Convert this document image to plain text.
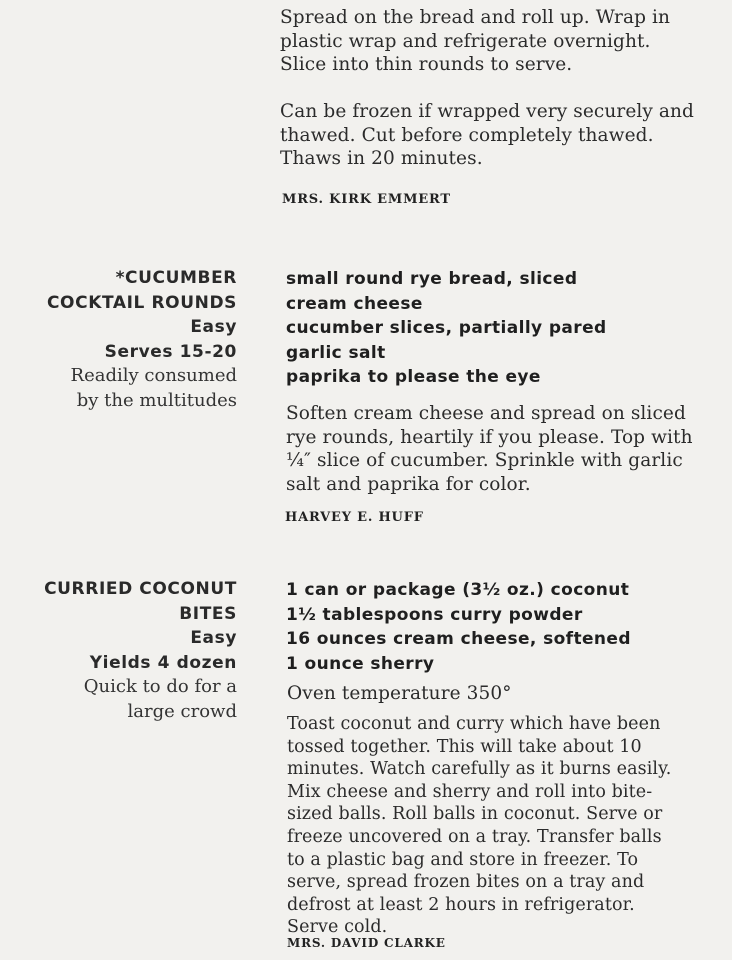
Spread on the bread and roll up. Wrap in
plastic wrap and refrigerate overnight.
Slice into thin rounds to serve.

Can be frozen if wrapped very securely and
thawed. Cut before completely thawed.
Thaws in 20 minutes.

MRS. KIRK EMMERT
*CUCUMBER
COCKTAIL ROUNDS
Easy
Serves 15-20
Readily consumed
by the multitudes
small round rye bread, sliced
cream cheese
cucumber slices, partially pared
garlic salt
paprika to please the eye

Soften cream cheese and spread on sliced
rye rounds, heartily if you please. Top with
¼″ slice of cucumber. Sprinkle with garlic
salt and paprika for color.

HARVEY E. HUFF
CURRIED COCONUT
BITES
Easy
Yields 4 dozen
Quick to do for a
large crowd
1 can or package (3½ oz.) coconut
1½ tablespoons curry powder
16 ounces cream cheese, softened
1 ounce sherry

Oven temperature 350°

Toast coconut and curry which have been
tossed together. This will take about 10
minutes. Watch carefully as it burns easily.
Mix cheese and sherry and roll into bite-
sized balls. Roll balls in coconut. Serve or
freeze uncovered on a tray. Transfer balls
to a plastic bag and store in freezer. To
serve, spread frozen bites on a tray and
defrost at least 2 hours in refrigerator.
Serve cold.

MRS. DAVID CLARKE
